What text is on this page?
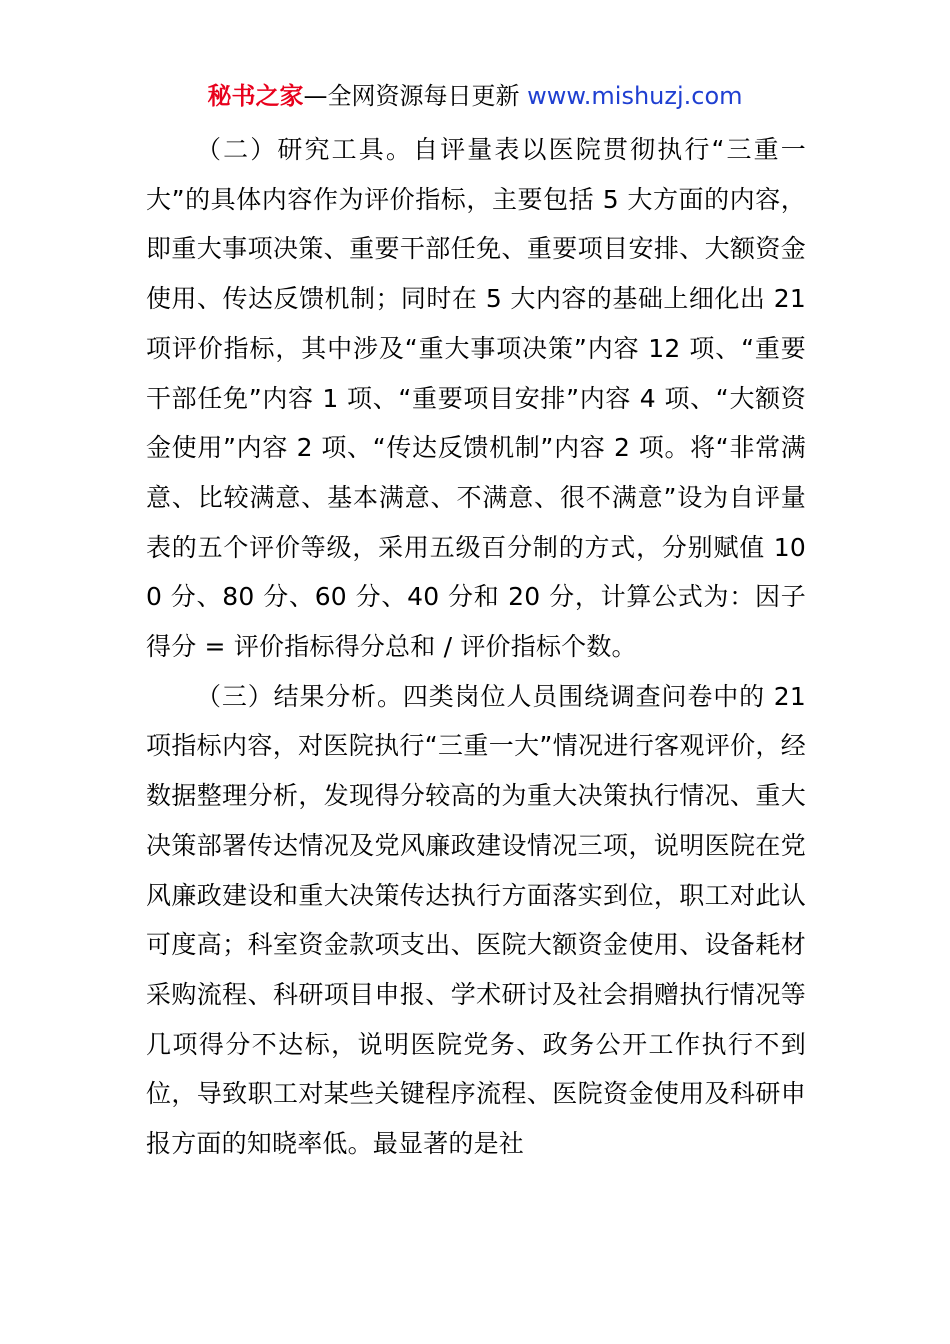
秘书之家—全网资源每日更新 www.mishuzj.com

（二）研究工具。自评量表以医院贯彻执行“三重一大”的具体内容作为评价指标，主要包括 5 大方面的内容，即重大事项决策、重要干部任免、重要项目安排、大额资金使用、传达反馈机制；同时在 5 大内容的基础上细化出 21 项评价指标，其中涉及“重大事项决策”内容 12 项、“重要干部任免”内容 1 项、“重要项目安排”内容 4 项、“大额资金使用”内容 2 项、“传达反馈机制”内容 2 项。将“非常满意、比较满意、基本满意、不满意、很不满意”设为自评量表的五个评价等级，采用五级百分制的方式，分别赋值 100 分、80 分、60 分、40 分和 20 分，计算公式为：因子得分 = 评价指标得分总和 / 评价指标个数。

（三）结果分析。四类岗位人员围绕调查问卷中的 21 项指标内容，对医院执行“三重一大”情况进行客观评价，经数据整理分析，发现得分较高的为重大决策执行情况、重大决策部署传达情况及党风廉政建设情况三项，说明医院在党风廉政建设和重大决策传达执行方面落实到位，职工对此认可度高；科室资金款项支出、医院大额资金使用、设备耗材采购流程、科研项目申报、学术研讨及社会捐赠执行情况等几项得分不达标，说明医院党务、政务公开工作执行不到位，导致职工对某些关键程序流程、医院资金使用及科研申报方面的知晓率低。最显著的是社
